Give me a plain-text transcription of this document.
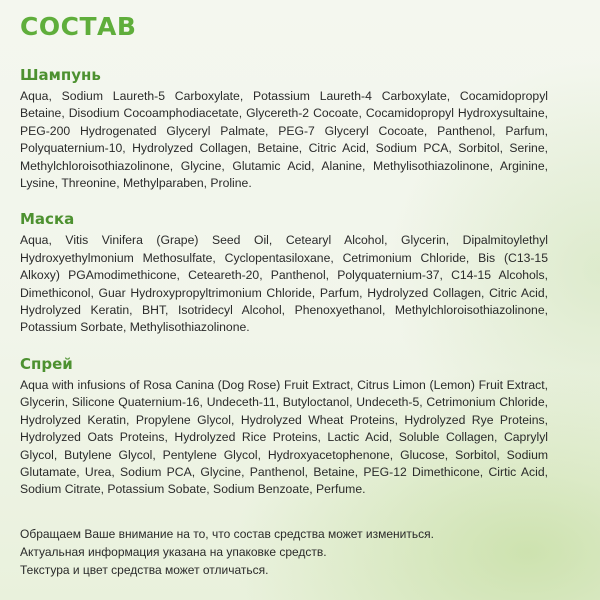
СОСТАВ
Шампунь

Aqua, Sodium Laureth-5 Carboxylate, Potassium Laureth-4 Carboxylate, Cocamidopropyl Betaine, Disodium Cocoamphodiacetate, Glycereth-2 Cocoate, Cocamidopropyl Hydroxysultaine, PEG-200 Hydrogenated Glyceryl Palmate, PEG-7 Glyceryl Cocoate, Panthenol, Parfum, Polyquaternium-10, Hydrolyzed Collagen, Betaine, Citric Acid, Sodium PCA, Sorbitol, Serine, Methylchloroisothiazolinone, Glycine, Glutamic Acid, Alanine, Methylisothiazolinone, Arginine, Lysine, Threonine, Methylparaben, Proline.

Маска

Aqua, Vitis Vinifera (Grape) Seed Oil, Cetearyl Alcohol, Glycerin, Dipalmitoylethyl Hydroxyethylmonium Methosulfate, Cyclopentasiloxane, Cetrimonium Chloride, Bis (C13-15 Alkoxy) PGAmodimethicone, Ceteareth-20, Panthenol, Polyquaternium-37, C14-15 Alcohols, Dimethiconol, Guar Hydroxypropyltrimonium Chloride, Parfum, Hydrolyzed Collagen, Citric Acid, Hydrolyzed Keratin, BHT, Isotridecyl Alcohol, Phenoxyethanol, Methylchloroisothiazolinone, Potassium Sorbate, Methylisothiazolinone.

Спрей

Aqua with infusions of Rosa Canina (Dog Rose) Fruit Extract, Citrus Limon (Lemon) Fruit Extract, Glycerin, Silicone Quaternium-16, Undeceth-11, Butyloctanol, Undeceth-5, Cetrimonium Chloride, Hydrolyzed Keratin, Propylene Glycol, Hydrolyzed Wheat Proteins, Hydrolyzed Rye Proteins, Hydrolyzed Oats Proteins, Hydrolyzed Rice Proteins, Lactic Acid, Soluble Collagen, Caprylyl Glycol, Butylene Glycol, Pentylene Glycol, Hydroxyacetophenone, Glucose, Sorbitol, Sodium Glutamate, Urea, Sodium PCA, Glycine, Panthenol, Betaine, PEG-12 Dimethicone, Cirtic Acid, Sodium Citrate, Potassium Sobate, Sodium Benzoate, Perfume.

Обращаем Ваше внимание на то, что состав средства может измениться.
Актуальная информация указана на упаковке средств.
Текстура и цвет средства может отличаться.
